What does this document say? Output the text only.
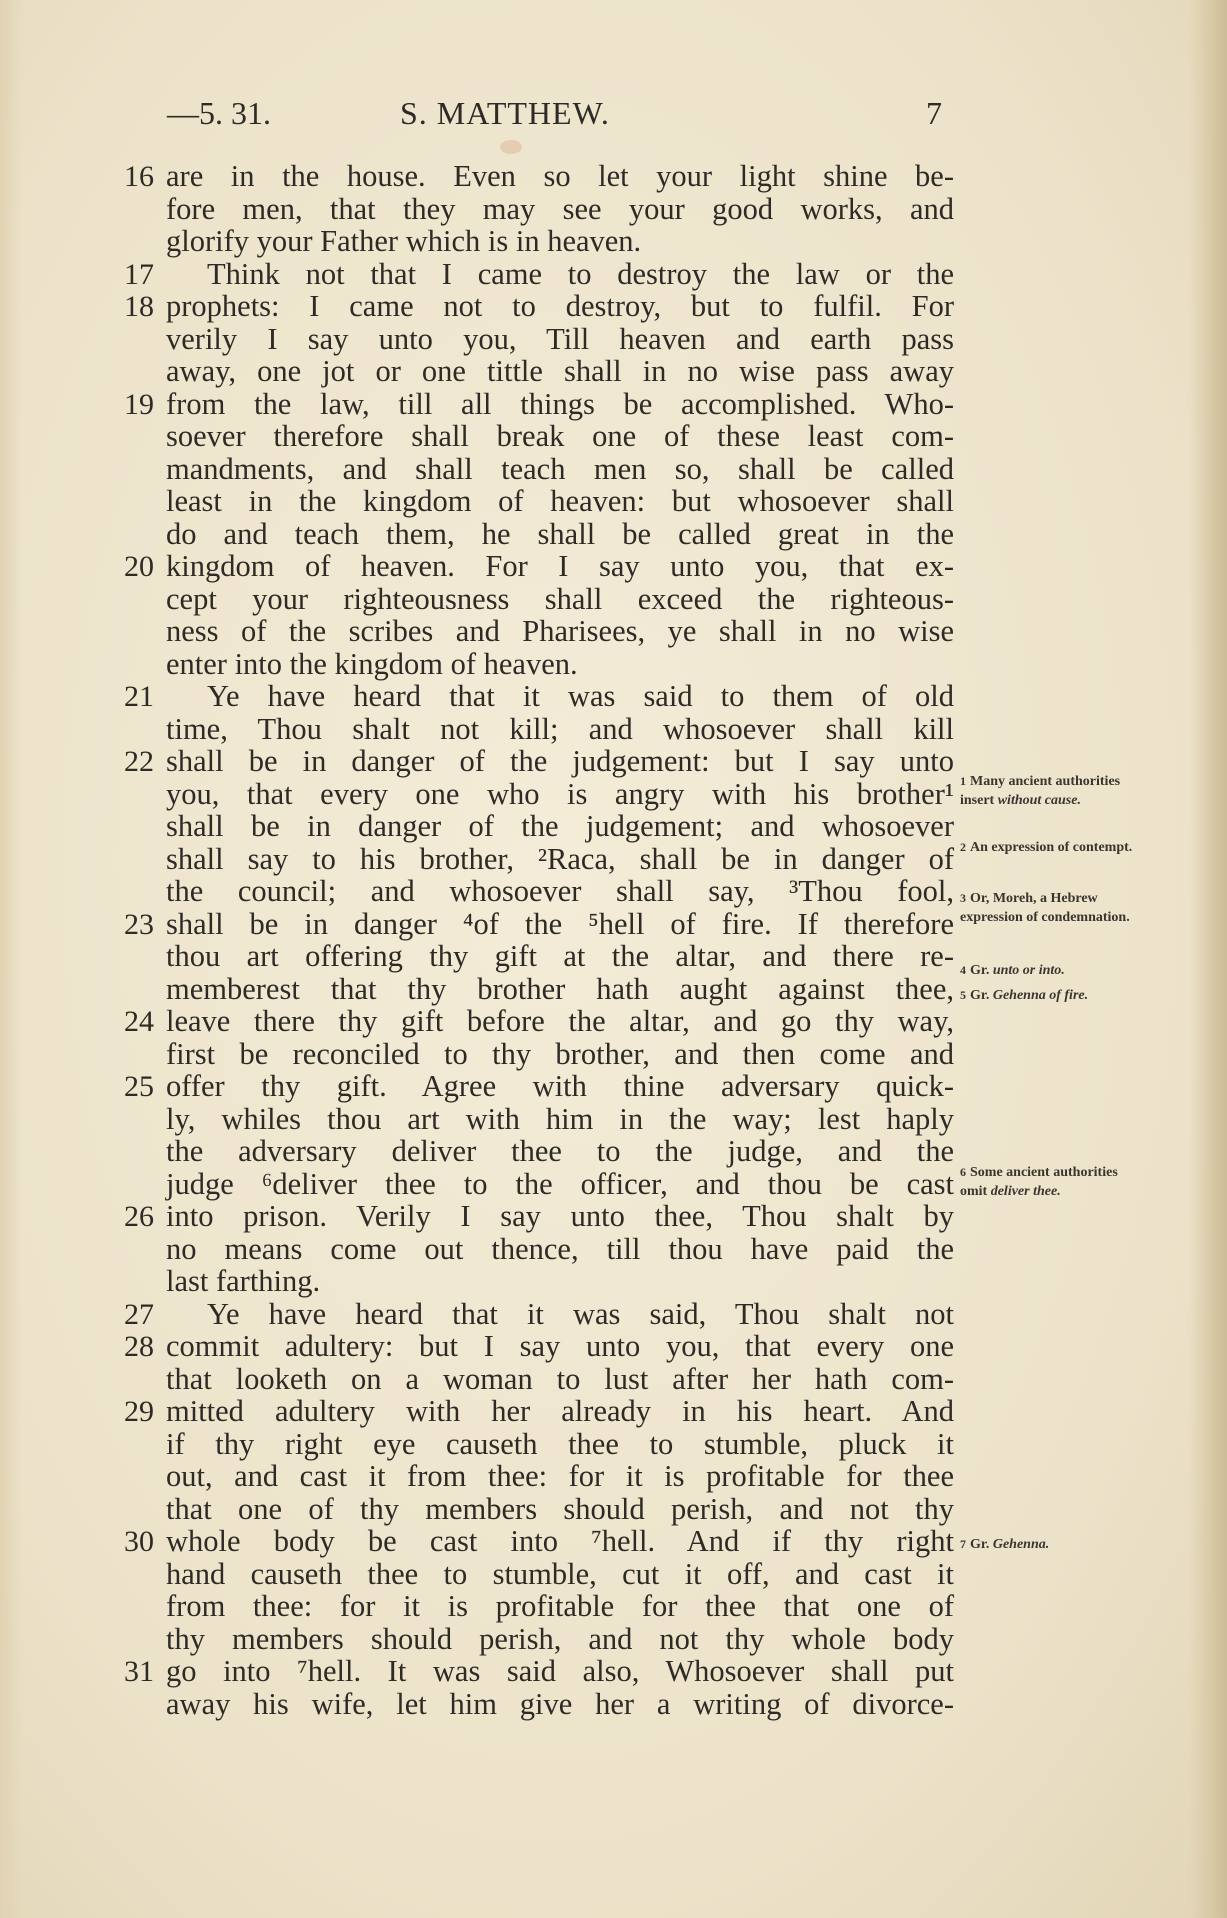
—5. 31.	S. MATTHEW.	7
16 are in the house. Even so let your light shine be-
fore men, that they may see your good works, and
glorify your Father which is in heaven.
17 Think not that I came to destroy the law or the
18 prophets: I came not to destroy, but to fulfil. For
verily I say unto you, Till heaven and earth pass
away, one jot or one tittle shall in no wise pass away
19 from the law, till all things be accomplished. Who-
soever therefore shall break one of these least com-
mandments, and shall teach men so, shall be called
least in the kingdom of heaven: but whosoever shall
do and teach them, he shall be called great in the
20 kingdom of heaven. For I say unto you, that ex-
cept your righteousness shall exceed the righteous-
ness of the scribes and Pharisees, ye shall in no wise
enter into the kingdom of heaven.
21 Ye have heard that it was said to them of old
time, Thou shalt not kill; and whosoever shall kill
22 shall be in danger of the judgement: but I say unto
you, that every one who is angry with his brother¹
shall be in danger of the judgement; and whosoever
shall say to his brother, ²Raca, shall be in danger of
the council; and whosoever shall say, ³Thou fool,
23 shall be in danger ⁴of the ⁵hell of fire. If therefore
thou art offering thy gift at the altar, and there re-
memberest that thy brother hath aught against thee,
24 leave there thy gift before the altar, and go thy way,
first be reconciled to thy brother, and then come and
25 offer thy gift. Agree with thine adversary quick-
ly, whiles thou art with him in the way; lest haply
the adversary deliver thee to the judge, and the
judge ⁶deliver thee to the officer, and thou be cast
26 into prison. Verily I say unto thee, Thou shalt by
no means come out thence, till thou have paid the
last farthing.
27 Ye have heard that it was said, Thou shalt not
28 commit adultery: but I say unto you, that every one
that looketh on a woman to lust after her hath com-
29 mitted adultery with her already in his heart. And
if thy right eye causeth thee to stumble, pluck it
out, and cast it from thee: for it is profitable for thee
that one of thy members should perish, and not thy
30 whole body be cast into ⁷hell. And if thy right
hand causeth thee to stumble, cut it off, and cast it
from thee: for it is profitable for thee that one of
thy members should perish, and not thy whole body
31 go into ⁷hell. It was said also, Whosoever shall put
away his wife, let him give her a writing of divorce-
1 Many ancient authorities insert without cause.
2 An expression of contempt.
3 Or, Moreh, a Hebrew expression of condemnation.
4 Gr. unto or into.
5 Gr. Gehenna of fire.
6 Some ancient authorities omit deliver thee.
7 Gr. Gehenna.
